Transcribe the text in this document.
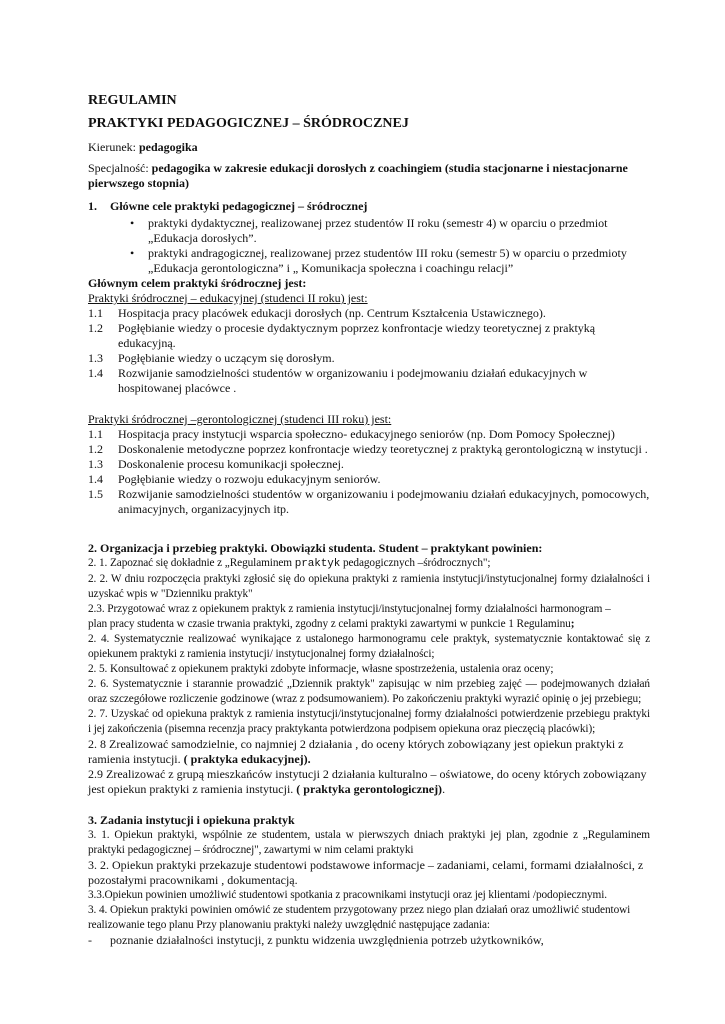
REGULAMIN

PRAKTYKI PEDAGOGICZNEJ – ŚRÓDROCZNEJ

Kierunek: pedagogika

Specjalność: pedagogika w zakresie edukacji dorosłych z coachingiem (studia stacjonarne i niestacjonarne pierwszego stopnia)

1. Główne cele praktyki pedagogicznej – śródrocznej

• praktyki dydaktycznej, realizowanej przez studentów II roku (semestr 4) w oparciu o przedmiot „Edukacja dorosłych”.
• praktyki andragogicznej, realizowanej przez studentów III roku (semestr 5) w oparciu o przedmioty „Edukacja gerontologiczna” i „ Komunikacja społeczna i coachingu relacji”

Głównym celem praktyki śródrocznej jest:

Praktyki śródrocznej – edukacyjnej (studenci II roku) jest:

1.1	Hospitacja pracy placówek edukacji dorosłych (np. Centrum Kształcenia Ustawicznego).
1.2	Pogłębianie wiedzy o procesie dydaktycznym poprzez konfrontacje wiedzy teoretycznej z praktyką edukacyjną.
1.3	Pogłębianie wiedzy o uczącym się dorosłym.
1.4	Rozwijanie samodzielności studentów w organizowaniu i podejmowaniu działań edukacyjnych w hospitowanej placówce .

Praktyki śródrocznej –gerontologicznej (studenci III roku) jest:

1.1	Hospitacja pracy instytucji wsparcia społeczno- edukacyjnego seniorów (np. Dom Pomocy Społecznej)
1.2	Doskonalenie metodyczne poprzez konfrontacje wiedzy teoretycznej z praktyką gerontologiczną w instytucji .
1.3	Doskonalenie procesu komunikacji społecznej.
1.4	Pogłębianie wiedzy o rozwoju edukacyjnym seniorów.
1.5	Rozwijanie samodzielności studentów w organizowaniu i podejmowaniu działań edukacyjnych, pomocowych, animacyjnych, organizacyjnych itp.

2. Organizacja i przebieg praktyki. Obowiązki studenta. Student – praktykant powinien:

2. 1. Zapoznać się dokładnie z „Regulaminem praktyk pedagogicznych –śródrocznych";

2. 2. W dniu rozpoczęcia praktyki zgłosić się do opiekuna praktyki z ramienia instytucji/instytucjonalnej formy działalności i uzyskać wpis w "Dzienniku praktyk"

2.3. Przygotować wraz z opiekunem praktyk z ramienia instytucji/instytucjonalnej formy działalności harmonogram –

plan pracy studenta w czasie trwania praktyki, zgodny z celami praktyki zawartymi w punkcie 1 Regulaminu;

2. 4. Systematycznie realizować wynikające z ustalonego harmonogramu cele praktyk, systematycznie kontaktować się z opiekunem praktyki z ramienia instytucji/ instytucjonalnej formy działalności;

2. 5. Konsultować z opiekunem praktyki zdobyte informacje, własne spostrzeżenia, ustalenia oraz oceny;

2. 6. Systematycznie i starannie prowadzić „Dziennik praktyk" zapisując w nim przebieg zajęć — podejmowanych działań oraz szczegółowe rozliczenie godzinowe (wraz z podsumowaniem). Po zakończeniu praktyki wyrazić opinię o jej przebiegu;

2. 7. Uzyskać od opiekuna praktyk z ramienia instytucji/instytucjonalnej formy działalności potwierdzenie przebiegu praktyki i jej zakończenia (pisemna recenzja pracy praktykanta potwierdzona podpisem opiekuna oraz pieczęcią placówki);

2. 8 Zrealizować samodzielnie, co najmniej 2 działania , do oceny których zobowiązany jest opiekun praktyki z ramienia instytucji. ( praktyka edukacyjnej).

2.9 Zrealizować z grupą mieszkańców instytucji 2 działania kulturalno – oświatowe, do oceny których zobowiązany jest opiekun praktyki z ramienia instytucji. ( praktyka gerontologicznej).

3. Zadania instytucji i opiekuna praktyk

3. 1. Opiekun praktyki, wspólnie ze studentem, ustala w pierwszych dniach praktyki jej plan, zgodnie z „Regulaminem praktyki pedagogicznej – śródrocznej", zawartymi w nim celami praktyki

3. 2. Opiekun praktyki przekazuje studentowi podstawowe informacje – zadaniami, celami, formami działalności, z pozostałymi pracownikami , dokumentacją.

3.3.Opiekun powinien umożliwić studentowi spotkania z pracownikami instytucji oraz jej klientami /podopiecznymi.

3. 4. Opiekun praktyki powinien omówić ze studentem przygotowany przez niego plan działań oraz umożliwić studentowi realizowanie tego planu Przy planowaniu praktyki należy uwzględnić następujące zadania:

-	poznanie działalności instytucji, z punktu widzenia uwzględnienia potrzeb użytkowników,
